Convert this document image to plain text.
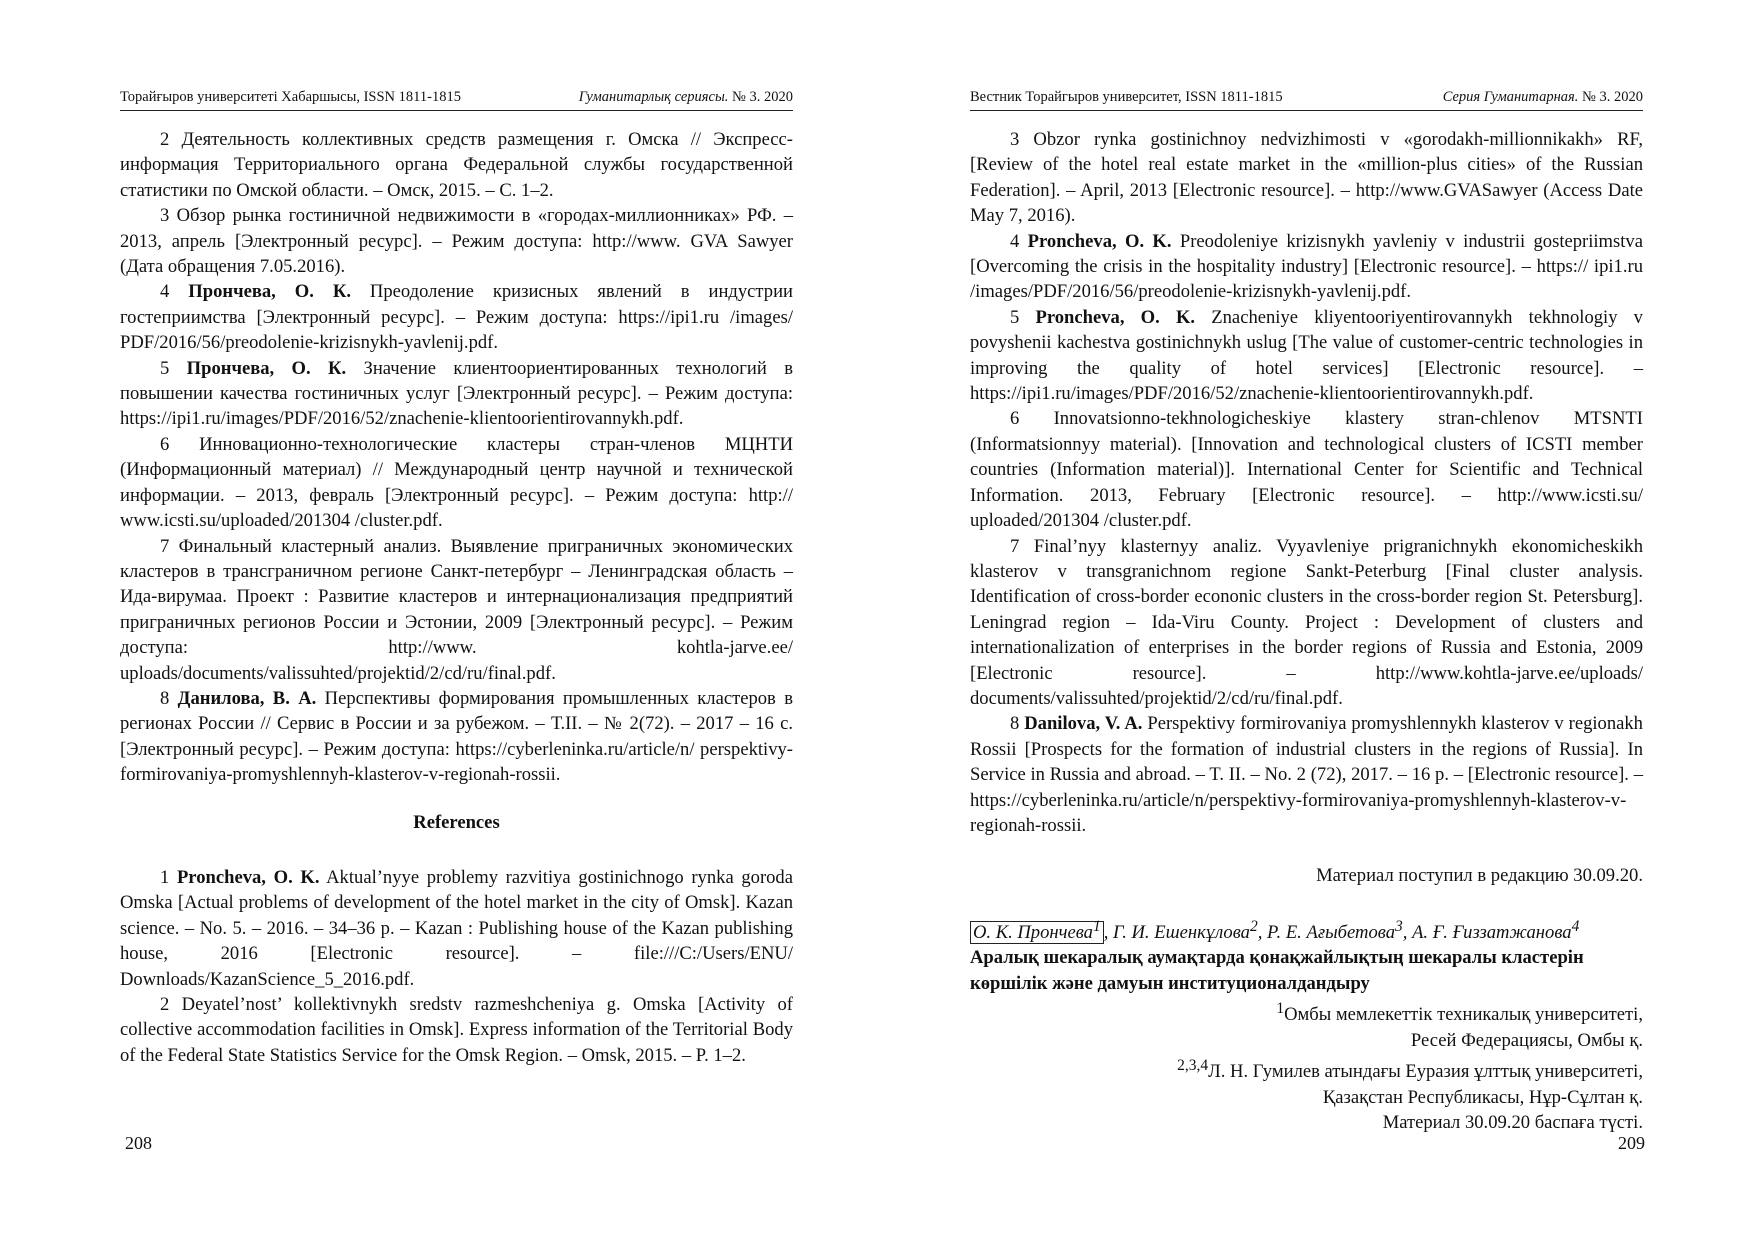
Торайғыров университеті Хабаршысы, ISSN 1811-1815	Гуманитарлық сериясы. № 3. 2020

2 Деятельность коллективных средств размещения г. Омска // Экспресс-информация Территориального органа Федеральной службы государственной статистики по Омской области. – Омск, 2015. – С. 1–2.

3 Обзор рынка гостиничной недвижимости в «городах-миллионниках» РФ. – 2013, апрель [Электронный ресурс]. – Режим доступа: http://www. GVA Sawyer (Дата обращения 7.05.2016).

4 Прончева, О. К. Преодоление кризисных явлений в индустрии гостеприимства [Электронный ресурс]. – Режим доступа: https://ipi1.ru /images/ PDF/2016/56/preodolenie-krizisnykh-yavlenij.pdf.

5 Прончева, О. К. Значение клиентоориентированных технологий в повышении качества гостиничных услуг [Электронный ресурс]. – Режим доступа: https://ipi1.ru/images/PDF/2016/52/znachenie-klientoorientirovannykh.pdf.

6 Инновационно-технологические кластеры стран-членов МЦНТИ (Информационный материал) // Международный центр научной и технической информации. – 2013, февраль [Электронный ресурс]. – Режим доступа: http:// www.icsti.su/uploaded/201304 /cluster.pdf.

7 Финальный кластерный анализ. Выявление приграничных экономических кластеров в трансграничном регионе Санкт-петербург – Ленинградская область – Ида-вирумаа. Проект : Развитие кластеров и интернационализация предприятий приграничных регионов России и Эстонии, 2009 [Электронный ресурс]. – Режим доступа: http://www. kohtla-jarve.ee/ uploads/documents/valissuhted/projektid/2/cd/ru/final.pdf.

8 Данилова, В. А. Перспективы формирования промышленных кластеров в регионах России // Сервис в России и за рубежом. – Т.II. – № 2(72). – 2017 – 16 с. [Электронный ресурс]. – Режим доступа: https://cyberleninka.ru/article/n/ perspektivy-formirovaniya-promyshlennyh-klasterov-v-regionah-rossii.

References

1 Proncheva, O. K. Aktual’nyye problemy razvitiya gostinichnogo rynka goroda Omska [Actual problems of development of the hotel market in the city of Omsk]. Kazan science. – No. 5. – 2016. – 34–36 p. – Kazan : Publishing house of the Kazan publishing house, 2016 [Electronic resource]. – file:///C:/Users/ENU/ Downloads/KazanScience_5_2016.pdf.

2 Deyatel’nost’ kollektivnykh sredstv razmeshcheniya g. Omska [Activity of collective accommodation facilities in Omsk]. Express information of the Territorial Body of the Federal State Statistics Service for the Omsk Region. – Omsk, 2015. – P. 1–2.

208
Вестник Торайгыров университет, ISSN 1811-1815	Серия Гуманитарная. № 3. 2020

3 Obzor rynka gostinichnoy nedvizhimosti v «gorodakh-millionnikakh» RF, [Review of the hotel real estate market in the «million-plus cities» of the Russian Federation]. – April, 2013 [Electronic resource]. – http://www.GVASawyer (Access Date May 7, 2016).

4 Proncheva, O. K. Preodoleniye krizisnykh yavleniy v industrii gostepriimstva [Overcoming the crisis in the hospitality industry] [Electronic resource]. – https:// ipi1.ru /images/PDF/2016/56/preodolenie-krizisnykh-yavlenij.pdf.

5 Proncheva, O. K. Znacheniye kliyentooriyentirovannykh tekhnologiy v povyshenii kachestva gostinichnykh uslug [The value of customer-centric technologies in improving the quality of hotel services] [Electronic resource]. – https://ipi1.ru/images/PDF/2016/52/znachenie-klientoorientirovannykh.pdf.

6 Innovatsionno-tekhnologicheskiye klastery stran-chlenov MTSNTI (Informatsionnyy material). [Innovation and technological clusters of ICSTI member countries (Information material)]. International Center for Scientific and Technical Information. 2013, February [Electronic resource]. – http://www.icsti.su/ uploaded/201304 /cluster.pdf.

7 Final’nyy klasternyy analiz. Vyyavleniye prigranichnykh ekonomicheskikh klasterov v transgranichnom regione Sankt-Peterburg [Final cluster analysis. Identification of cross-border econonic clusters in the cross-border region St. Petersburg]. Leningrad region – Ida-Viru County. Project : Development of clusters and internationalization of enterprises in the border regions of Russia and Estonia, 2009 [Electronic resource]. – http://www.kohtla-jarve.ee/uploads/ documents/valissuhted/projektid/2/cd/ru/final.pdf.

8 Danilova, V. A. Perspektivy formirovaniya promyshlennykh klasterov v regionakh Rossii [Prospects for the formation of industrial clusters in the regions of Russia]. In Service in Russia and abroad. – T. II. – No. 2 (72), 2017. – 16 p. – [Electronic resource]. – https://cyberleninka.ru/article/n/perspektivy-formirovaniya-promyshlennyh-klasterov-v-regionah-rossii.

Материал поступил в редакцию 30.09.20.

О. К. Прончева$^1$ , Г. И. Ешенкұлова$^2$, Р. Е. Ағыбетова$^3$, А. Ғ. Ғиззатжанова$^4$

Аралық шекаралық аумақтарда қонақжайлықтың шекаралы кластерін көршілік және дамуын институционалдандыру

$^1$Омбы мемлекеттік техникалық университеті,

Ресей Федерациясы, Омбы қ.

$^{2,3,4}$Л. Н. Гумилев атындағы Еуразия ұлттық университеті,

Қазақстан Республикасы, Нұр-Сұлтан қ.

Материал 30.09.20 баспаға түсті.

209
